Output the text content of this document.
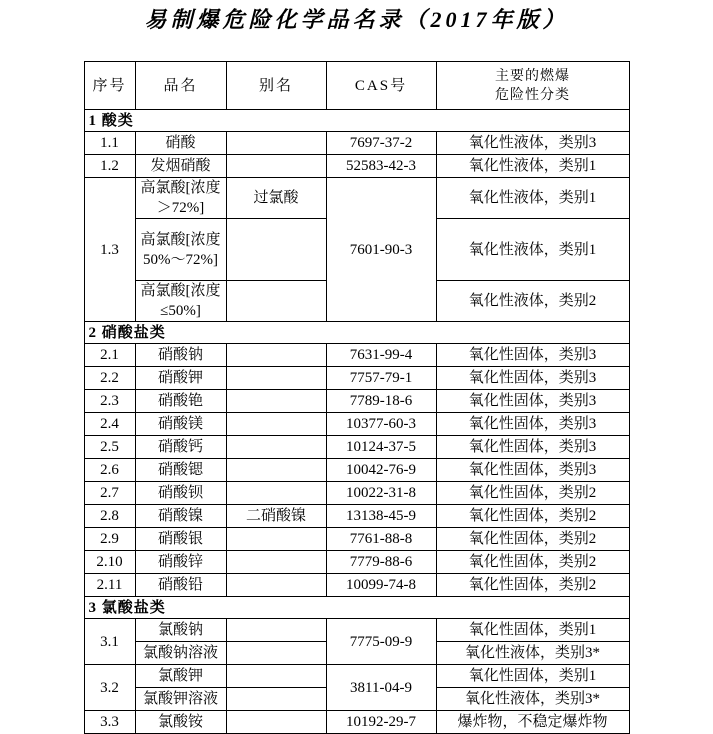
易制爆危险化学品名录（2017年版）
序号	品名	别名	CAS号	主要的燃爆
危险性分类

1 酸类				
1.1	硝酸		7697-37-2	氧化性液体，类别3
1.2	发烟硝酸		52583-42-3	氧化性液体，类别1
1.3	高氯酸[浓度＞72%]	过氯酸	7601-90-3	氧化性液体，类别1
	高氯酸[浓度50%～72%]			氧化性液体，类别1
	高氯酸[浓度≤50%]			氧化性液体，类别2
2 硝酸盐类				
2.1	硝酸钠		7631-99-4	氧化性固体，类别3
2.2	硝酸钾		7757-79-1	氧化性固体，类别3
2.3	硝酸铯		7789-18-6	氧化性固体，类别3
2.4	硝酸镁		10377-60-3	氧化性固体，类别3
2.5	硝酸钙		10124-37-5	氧化性固体，类别3
2.6	硝酸锶		10042-76-9	氧化性固体，类别3
2.7	硝酸钡		10022-31-8	氧化性固体，类别2
2.8	硝酸镍	二硝酸镍	13138-45-9	氧化性固体，类别2
2.9	硝酸银		7761-88-8	氧化性固体，类别2
2.10	硝酸锌		7779-88-6	氧化性固体，类别2
2.11	硝酸铅		10099-74-8	氧化性固体，类别2
3 氯酸盐类				
3.1	氯酸钠		7775-09-9	氧化性固体，类别1
	氯酸钠溶液			氧化性液体，类别3*
3.2	氯酸钾		3811-04-9	氧化性固体，类别1
	氯酸钾溶液			氧化性液体，类别3*
3.3	氯酸铵		10192-29-7	爆炸物，不稳定爆炸物
